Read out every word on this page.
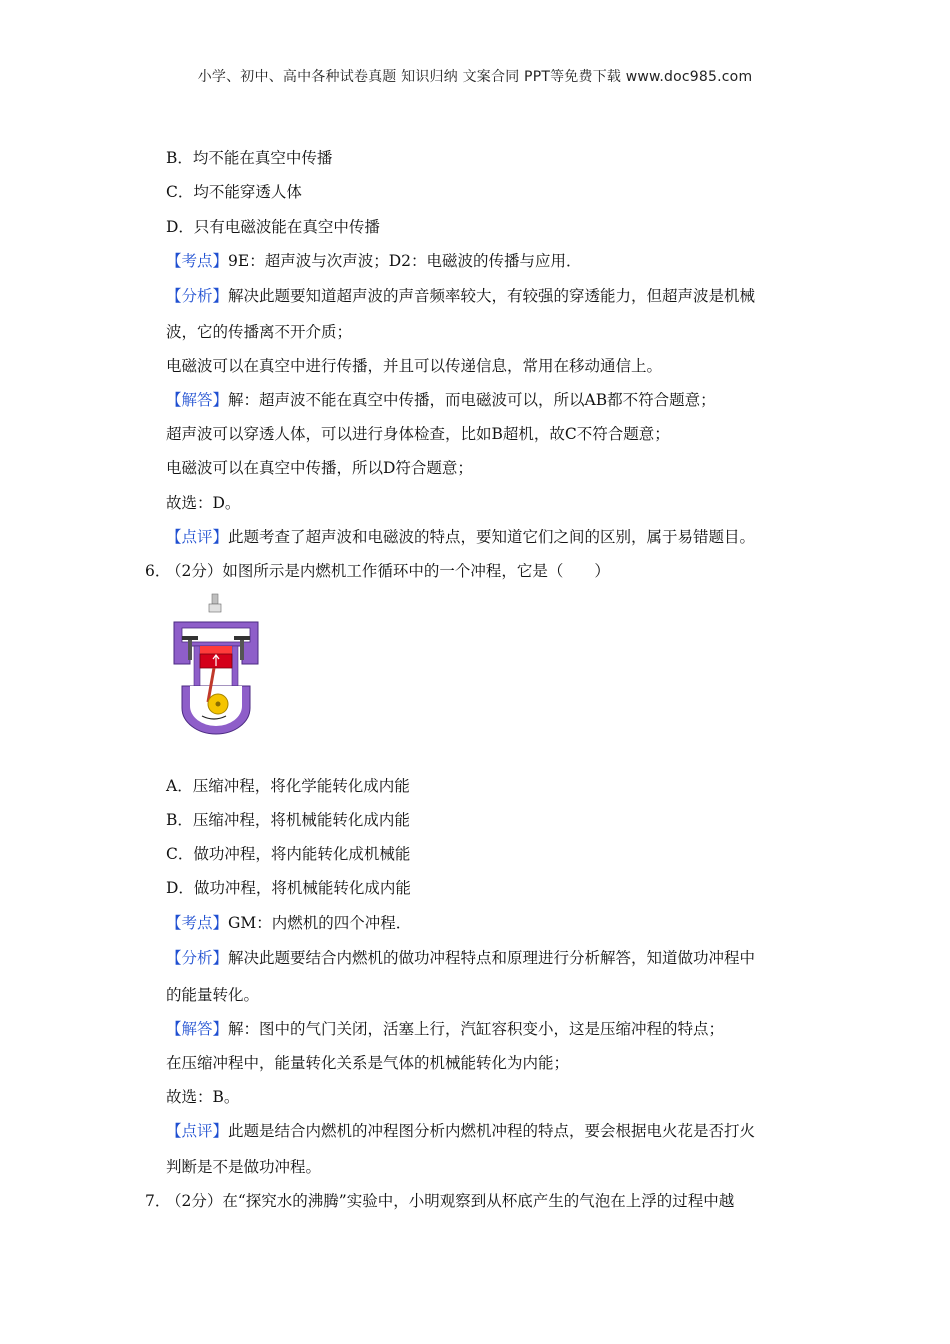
小学、初中、高中各种试卷真题 知识归纳 文案合同 PPT等免费下载 www.doc985.com
B．均不能在真空中传播
C．均不能穿透人体
D．只有电磁波能在真空中传播
【考点】9E：超声波与次声波；D2：电磁波的传播与应用．
【分析】解决此题要知道超声波的声音频率较大，有较强的穿透能力，但超声波是机械
波，它的传播离不开介质；
电磁波可以在真空中进行传播，并且可以传递信息，常用在移动通信上。
【解答】解：超声波不能在真空中传播，而电磁波可以，所以AB都不符合题意；
超声波可以穿透人体，可以进行身体检查，比如B超机，故C不符合题意；
电磁波可以在真空中传播，所以D符合题意；
故选：D。
【点评】此题考查了超声波和电磁波的特点，要知道它们之间的区别，属于易错题目。
6．
（2分）如图所示是内燃机工作循环中的一个冲程，它是（　　）
A．压缩冲程，将化学能转化成内能
B．压缩冲程，将机械能转化成内能
C．做功冲程，将内能转化成机械能
D．做功冲程，将机械能转化成内能
【考点】GM：内燃机的四个冲程．
【分析】解决此题要结合内燃机的做功冲程特点和原理进行分析解答，知道做功冲程中
的能量转化。
【解答】解：图中的气门关闭，活塞上行，汽缸容积变小，这是压缩冲程的特点；
在压缩冲程中，能量转化关系是气体的机械能转化为内能；
故选：B。
【点评】此题是结合内燃机的冲程图分析内燃机冲程的特点，要会根据电火花是否打火
判断是不是做功冲程。
7．
（2分）在“探究水的沸腾”实验中，小明观察到从杯底产生的气泡在上浮的过程中越
